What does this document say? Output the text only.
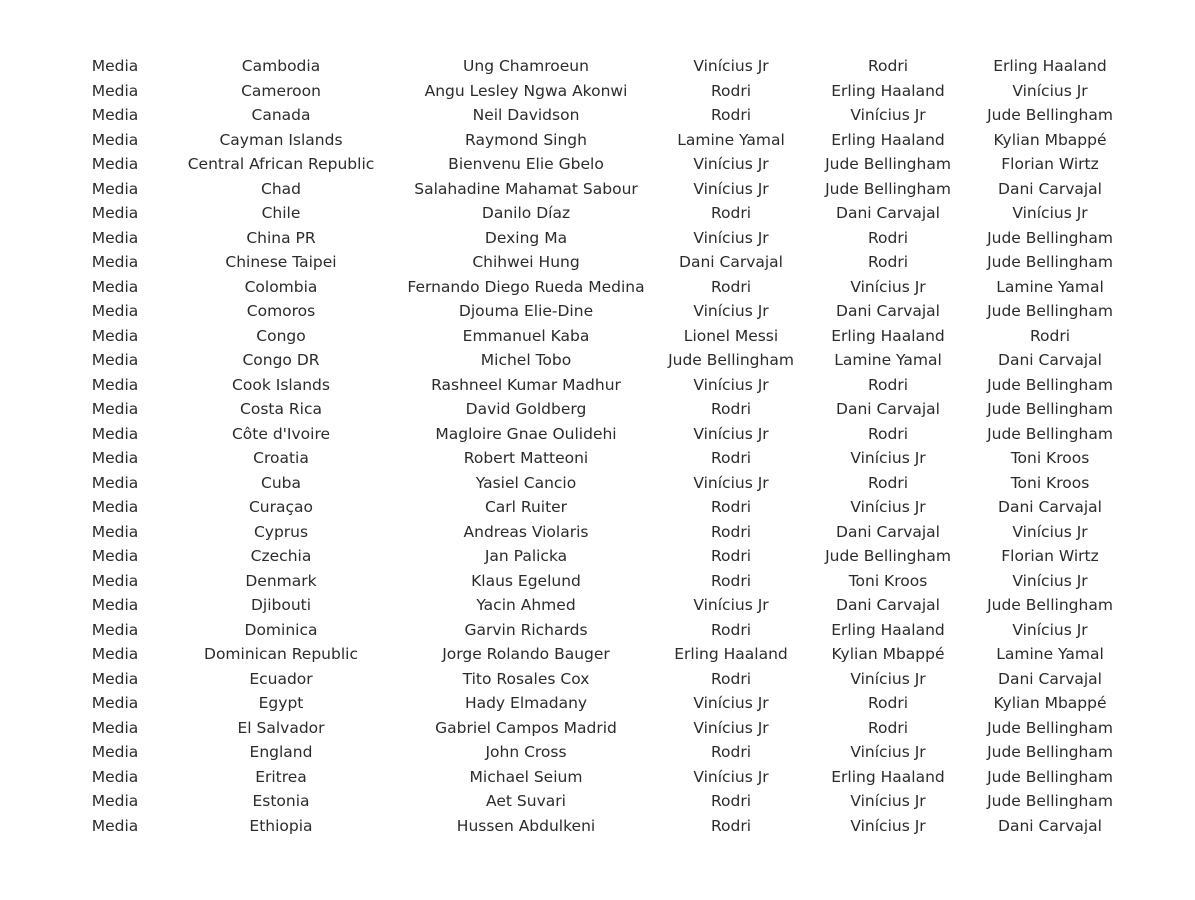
Media	Cambodia	Ung Chamroeun	Vinícius Jr	Rodri	Erling Haaland
Media	Cameroon	Angu Lesley Ngwa Akonwi	Rodri	Erling Haaland	Vinícius Jr
Media	Canada	Neil Davidson	Rodri	Vinícius Jr	Jude Bellingham
Media	Cayman Islands	Raymond Singh	Lamine Yamal	Erling Haaland	Kylian Mbappé
Media	Central African Republic	Bienvenu Elie Gbelo	Vinícius Jr	Jude Bellingham	Florian Wirtz
Media	Chad	Salahadine Mahamat Sabour	Vinícius Jr	Jude Bellingham	Dani Carvajal
Media	Chile	Danilo Díaz	Rodri	Dani Carvajal	Vinícius Jr
Media	China PR	Dexing Ma	Vinícius Jr	Rodri	Jude Bellingham
Media	Chinese Taipei	Chihwei Hung	Dani Carvajal	Rodri	Jude Bellingham
Media	Colombia	Fernando Diego Rueda Medina	Rodri	Vinícius Jr	Lamine Yamal
Media	Comoros	Djouma Elie-Dine	Vinícius Jr	Dani Carvajal	Jude Bellingham
Media	Congo	Emmanuel Kaba	Lionel Messi	Erling Haaland	Rodri
Media	Congo DR	Michel Tobo	Jude Bellingham	Lamine Yamal	Dani Carvajal
Media	Cook Islands	Rashneel Kumar Madhur	Vinícius Jr	Rodri	Jude Bellingham
Media	Costa Rica	David Goldberg	Rodri	Dani Carvajal	Jude Bellingham
Media	Côte d'Ivoire	Magloire Gnae Oulidehi	Vinícius Jr	Rodri	Jude Bellingham
Media	Croatia	Robert Matteoni	Rodri	Vinícius Jr	Toni Kroos
Media	Cuba	Yasiel Cancio	Vinícius Jr	Rodri	Toni Kroos
Media	Curaçao	Carl Ruiter	Rodri	Vinícius Jr	Dani Carvajal
Media	Cyprus	Andreas Violaris	Rodri	Dani Carvajal	Vinícius Jr
Media	Czechia	Jan Palicka	Rodri	Jude Bellingham	Florian Wirtz
Media	Denmark	Klaus Egelund	Rodri	Toni Kroos	Vinícius Jr
Media	Djibouti	Yacin Ahmed	Vinícius Jr	Dani Carvajal	Jude Bellingham
Media	Dominica	Garvin Richards	Rodri	Erling Haaland	Vinícius Jr
Media	Dominican Republic	Jorge Rolando Bauger	Erling Haaland	Kylian Mbappé	Lamine Yamal
Media	Ecuador	Tito Rosales Cox	Rodri	Vinícius Jr	Dani Carvajal
Media	Egypt	Hady Elmadany	Vinícius Jr	Rodri	Kylian Mbappé
Media	El Salvador	Gabriel Campos Madrid	Vinícius Jr	Rodri	Jude Bellingham
Media	England	John Cross	Rodri	Vinícius Jr	Jude Bellingham
Media	Eritrea	Michael Seium	Vinícius Jr	Erling Haaland	Jude Bellingham
Media	Estonia	Aet Suvari	Rodri	Vinícius Jr	Jude Bellingham
Media	Ethiopia	Hussen Abdulkeni	Rodri	Vinícius Jr	Dani Carvajal
